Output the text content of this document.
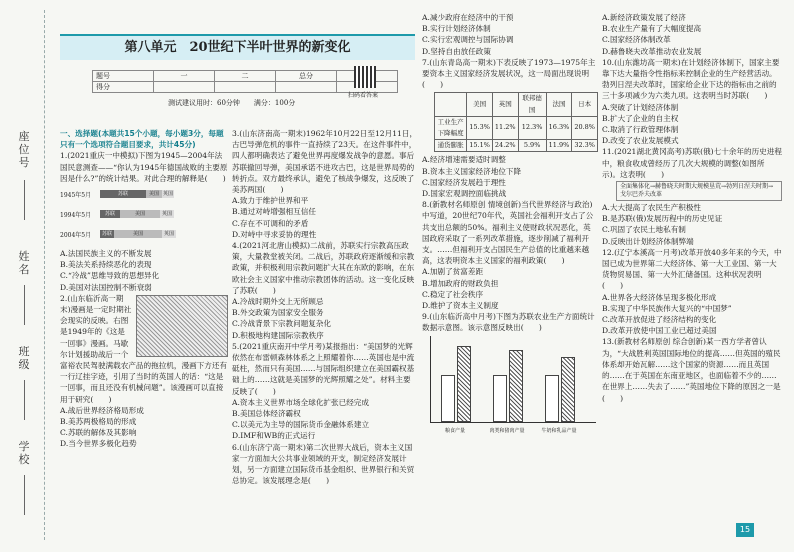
座位号
姓名
班级
学校
第八单元　20世纪下半叶世界的新变化
题号	一	二	总分	
得分				
扫码看答案
测试建议用时：60分钟　　满分：100分

一、选择题(本题共15个小题，每小题3分，每题只有一个选项符合题目要求，共计45分)

1.(2021重庆一中模拟)下图为1945—2004年法国民意测查——“你认为1945年德国战败的主要原因是什么?”的统计结果。对此合理的解释是(　　)

1945年5月	苏联	美国 英国
1994年5月	苏联	美国	英国
2004年5月	苏联	美国	英国

A.法国民族主义的不断发展

B.美法关系持续恶化的表现

C.“冷战”思维导致的思想异化

D.美国对法国控制不断衰弱

2.(山东临沂高一期末)漫画是一定时期社会现实的反映。右图是1949年的《这是一回事》漫画。马歇尔计划援助战后一个富裕农民驾驶满载农产品的拖拉机，漫画下方还有一行辽挂字迹，引用了当时的英国人的话：“这是一回事，而且还没有机械问题”。该漫画可以直接用于研究(　　)

A.战后世界经济格局形成

B.美苏两极格局的形成

C.苏联的解体及其影响

D.当今世界多极化趋势

3.(山东济南高一期末)1962年10月22日至12月11日，古巴导弹危机的事件一直持续了23天。在这件事件中，四人都明确表达了避免世界再度爆发战争的意愿。事后苏联撤回导弹，美国承诺不进攻古巴，这是世界局势的转折点。双方最终承认，避免了核战争爆发，这反映了美苏两国(　　)

A.致力于维护世界和平

B.通过对峙增强相互信任

C.存在不可调和的矛盾

D.对峙中寻求妥协的理性

4.(2021河北唐山模拟)二战前，苏联实行宗教高压政策，大量教堂被关闭。二战后，苏联政府逐渐缓和宗教政策，并积极利用宗教问题扩大其在东欧的影响，在东欧社会主义国家中推动宗教团体的活动。这一变化反映了苏联(　　)

A.冷战时期外交上无所顾忌

B.外交政策为国家安全服务

C.冷战背景下宗教问题复杂化

D.积极地构建国际宗教秩序

5.(2021重庆南开中学月考)某报指出：“美国梦的光辉依然在布雷顿森林体系之上照耀着你……英国也是中流砥柱，然而只有美国……与国际组织建立在美国霸权基础上的……这就是美国梦的光辉照耀之处”。材料主要反映了(　　)

A.资本主义世界市场全球化扩张已经完成

B.美国总体经济霸权

C.以美元为主导的国际货币金融体系建立

D.IMF和WB的正式运行

6.(山东济宁高一期末)第二次世界大战后，资本主义国家一方面加大公共事业领域的开支，制定经济发展计划，另一方面建立国际货币基金组织、世界银行和关贸总协定。该发展理念是(　　)

A.减少政府在经济中的干预

B.实行计划经济体制

C.实行宏观调控与国际协调

D.坚持自由放任政策

7.(山东青岛高一期末)下表反映了1973—1975年主要资本主义国家经济发展状况，这一局面出现说明(　　)

	美国	英国	联邦德国	法国	日本
工业生产下降幅度	15.3%	11.2%	12.3%	16.3%	20.8%
通货膨胀	15.1%	24.2%	5.9%	11.9%	32.3%

A.经济增速需要适时调整

B.资本主义国家经济地位下降

C.国家经济发展趋于理性

D.国家宏观调控面临挑战

8.(新教材名师原创 情境创新)当代世界经济与政治)中写道，20世纪70年代，英国社会福利开支占了公共支出总额的50%。福利主义使财政状况恶化，英国政府采取了一系列改革措施，逐步削减了福利开支。……但福利开支占国民生产总值的比重越来越高，这表明资本主义国家的福利政策(　　)

A.加剧了贫富差距

B.增加政府的财政负担

C.稳定了社会秩序

D.维护了资本主义制度

9.(山东临沂高中月考)下图为苏联农业生产方面统计数据示意图。该示意图反映出(　　)

粮食产量	肉类和猪肉产量	牛奶和乳品产量

A.新经济政策发展了经济

B.农业生产量有了大幅度提高

C.国家经济体制改革

D.赫鲁晓夫改革推动农业发展

10.(山东潍坊高一期末)在计划经济体制下，国家主要靠下达大量指令性指标来控制企业的生产经营活动。勃列日涅夫改革时，国家给企业下达的指标由之前的三十多项减少为六类九项。这表明当时苏联(　　)

A.突破了计划经济体制

B.扩大了企业的自主权

C.取消了行政管理体制

D.改变了农业发展模式

11.(2021湖北黄冈高考)苏联(俄)七十余年的历史进程中，粮食收成曾经历了几次大规模的调整(如图所示)。这表明(　　)

全面集体化→赫鲁晓夫时期大规模垦荒→勃列日涅夫时期→戈尔巴乔夫改革

A.大大提高了农民生产积极性

B.是苏联(俄)发展历程中的历史见证

C.巩固了农民土地私有制

D.反映出计划经济体制弊端

12.(辽宁本溪高一月考)改革开放40多年来的今天，中国已成为世界第二大经济体、第一大工业国、第一大货物贸易国、第一大外汇储备国。这种状况表明(　　)

A.世界各大经济体呈现多极化形成

B.实现了中华民族伟大复兴的“中国梦”

C.改革开放促进了经济结构的变化

D.改革开放使中国工业已超过美国

13.(新教材名师原创 综合创新)某一西方学者曾认为，“大战胜利英国国际地位的提高……但英国的殖民体系却开始瓦解……这个国家的资源……而且英国的……在于英国在东南亚地区，也面临着不少的……在世界上……失去了……”英国地位下降的原因之一是(　　)

15
